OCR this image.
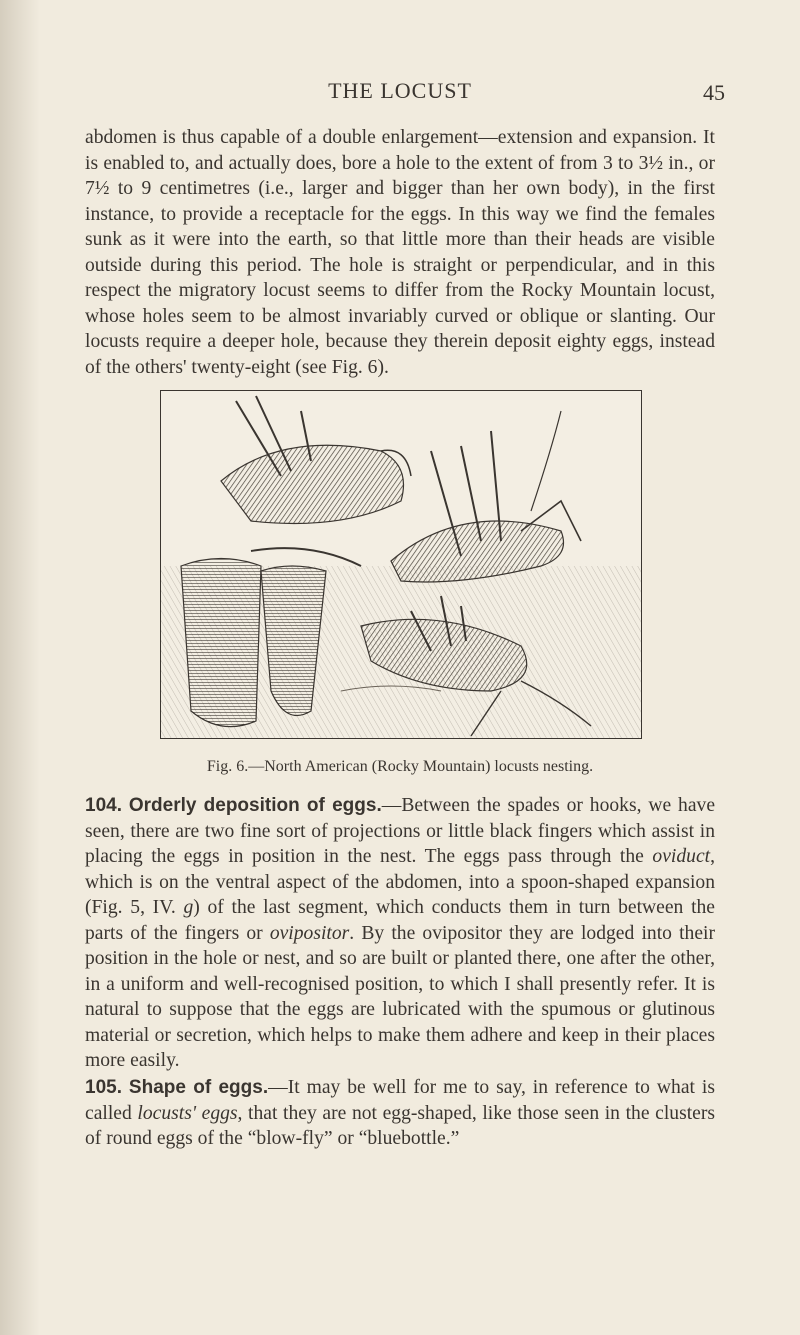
THE LOCUST	45

abdomen is thus capable of a double enlargement—extension and expansion. It is enabled to, and actually does, bore a hole to the extent of from 3 to 3½ in., or 7½ to 9 centimetres (i.e., larger and bigger than her own body), in the first instance, to provide a receptacle for the eggs. In this way we find the females sunk as it were into the earth, so that little more than their heads are visible outside during this period. The hole is straight or perpendicular, and in this respect the migratory locust seems to differ from the Rocky Mountain locust, whose holes seem to be almost invariably curved or oblique or slanting. Our locusts require a deeper hole, because they therein deposit eighty eggs, instead of the others' twenty-eight (see Fig. 6).

Fig. 6.—North American (Rocky Mountain) locusts nesting.

104. Orderly deposition of eggs.—Between the spades or hooks, we have seen, there are two fine sort of projections or little black fingers which assist in placing the eggs in position in the nest. The eggs pass through the oviduct, which is on the ventral aspect of the abdomen, into a spoon-shaped expansion (Fig. 5, IV. g) of the last segment, which conducts them in turn between the parts of the fingers or ovipositor. By the ovipositor they are lodged into their position in the hole or nest, and so are built or planted there, one after the other, in a uniform and well-recognised position, to which I shall presently refer. It is natural to suppose that the eggs are lubricated with the spumous or glutinous material or secretion, which helps to make them adhere and keep in their places more easily.

105. Shape of eggs.—It may be well for me to say, in reference to what is called locusts' eggs, that they are not egg-shaped, like those seen in the clusters of round eggs of the “blow-fly” or “bluebottle.”
